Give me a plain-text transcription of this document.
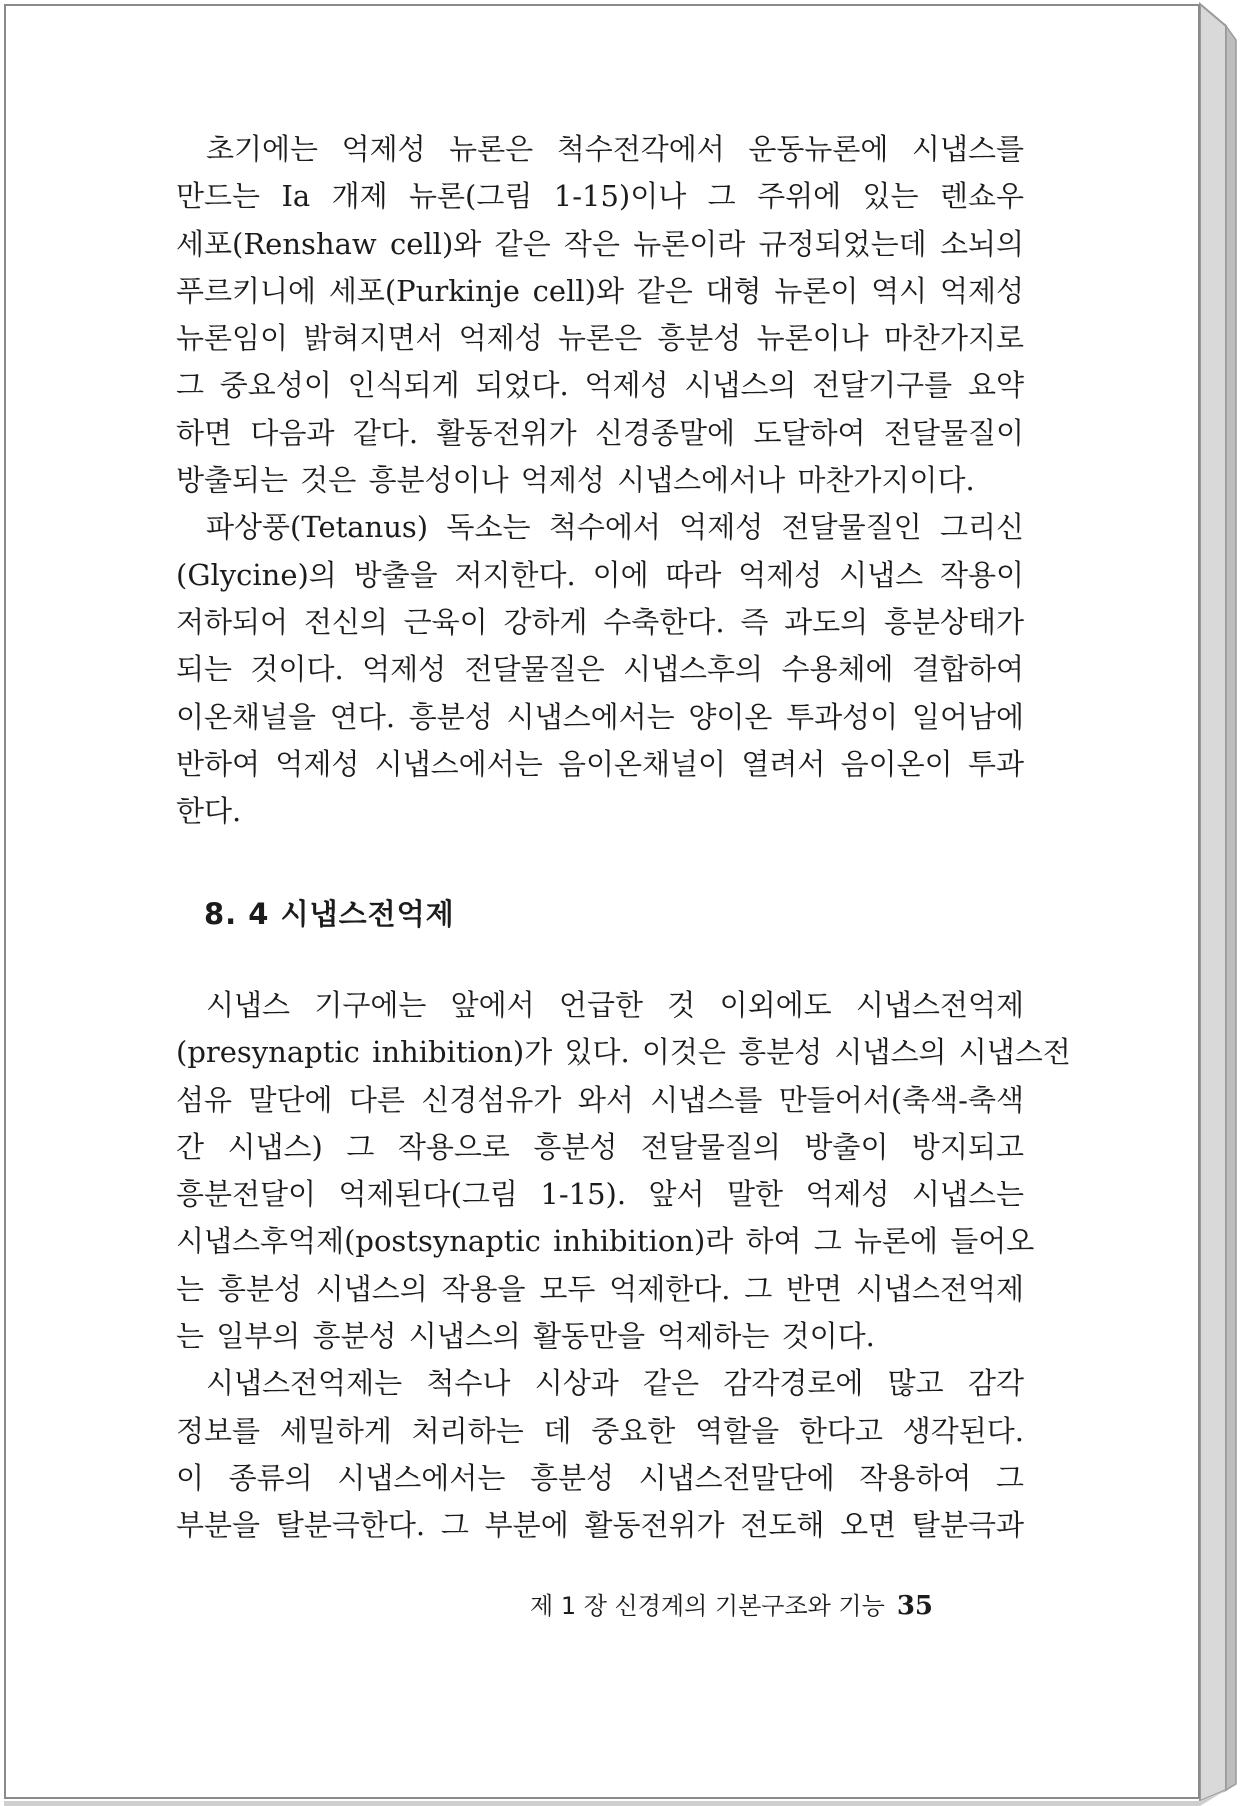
초기에는 억제성 뉴론은 척수전각에서 운동뉴론에 시냅스를
만드는 Ia 개제 뉴론(그림 1-15)이나 그 주위에 있는 렌쇼우
세포(Renshaw cell)와 같은 작은 뉴론이라 규정되었는데 소뇌의
푸르키니에 세포(Purkinje cell)와 같은 대형 뉴론이 역시 억제성
뉴론임이 밝혀지면서 억제성 뉴론은 흥분성 뉴론이나 마찬가지로
그 중요성이 인식되게 되었다. 억제성 시냅스의 전달기구를 요약
하면 다음과 같다. 활동전위가 신경종말에 도달하여 전달물질이
방출되는 것은 흥분성이나 억제성 시냅스에서나 마찬가지이다.
파상풍(Tetanus) 독소는 척수에서 억제성 전달물질인 그리신
(Glycine)의 방출을 저지한다. 이에 따라 억제성 시냅스 작용이
저하되어 전신의 근육이 강하게 수축한다. 즉 과도의 흥분상태가
되는 것이다. 억제성 전달물질은 시냅스후의 수용체에 결합하여
이온채널을 연다. 흥분성 시냅스에서는 양이온 투과성이 일어남에
반하여 억제성 시냅스에서는 음이온채널이 열려서 음이온이 투과
한다.
8. 4 시냅스전억제
시냅스 기구에는 앞에서 언급한 것 이외에도 시냅스전억제
(presynaptic inhibition)가 있다. 이것은 흥분성 시냅스의 시냅스전
섬유 말단에 다른 신경섬유가 와서 시냅스를 만들어서(축색-축색
간 시냅스) 그 작용으로 흥분성 전달물질의 방출이 방지되고
흥분전달이 억제된다(그림 1-15). 앞서 말한 억제성 시냅스는
시냅스후억제(postsynaptic inhibition)라 하여 그 뉴론에 들어오
는 흥분성 시냅스의 작용을 모두 억제한다. 그 반면 시냅스전억제
는 일부의 흥분성 시냅스의 활동만을 억제하는 것이다.
시냅스전억제는 척수나 시상과 같은 감각경로에 많고 감각
정보를 세밀하게 처리하는 데 중요한 역할을 한다고 생각된다.
이 종류의 시냅스에서는 흥분성 시냅스전말단에 작용하여 그
부분을 탈분극한다. 그 부분에 활동전위가 전도해 오면 탈분극과
제 1 장 신경계의 기본구조와 기능 35
